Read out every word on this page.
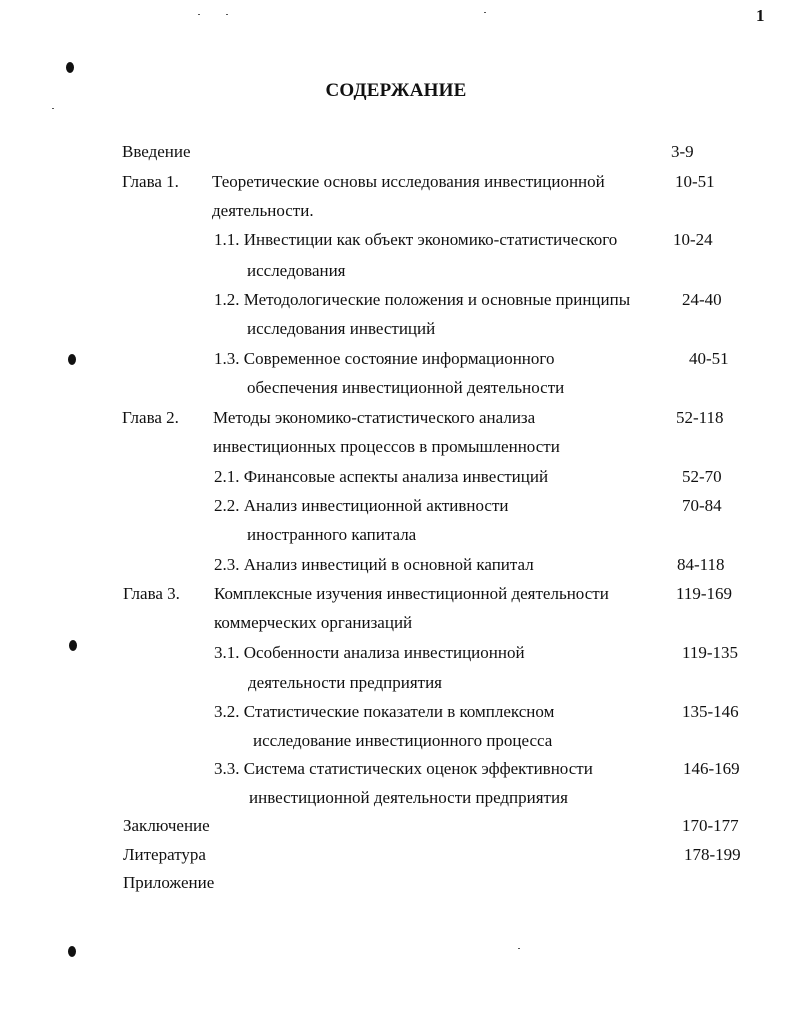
1
СОДЕРЖАНИЕ
Введение	3-9
Глава 1. Теоретические основы исследования инвестиционной	10-51
деятельности.
1.1. Инвестиции как объект экономико-статистического	10-24
исследования
1.2. Методологические положения и основные принципы	24-40
исследования инвестиций
1.3. Современное состояние информационного	40-51
обеспечения инвестиционной деятельности
Глава 2. Методы экономико-статистического анализа	52-118
инвестиционных процессов в промышленности
2.1. Финансовые аспекты анализа инвестиций	52-70
2.2. Анализ инвестиционной активности	70-84
иностранного капитала
2.3. Анализ инвестиций в основной капитал	84-118
Глава 3. Комплексные изучения инвестиционной деятельности	119-169
коммерческих организаций
3.1. Особенности анализа инвестиционной	119-135
деятельности предприятия
3.2. Статистические показатели в комплексном	135-146
исследование инвестиционного процесса
3.3. Система статистических оценок эффективности	146-169
инвестиционной деятельности предприятия
Заключение	170-177
Литература	178-199
Приложение
